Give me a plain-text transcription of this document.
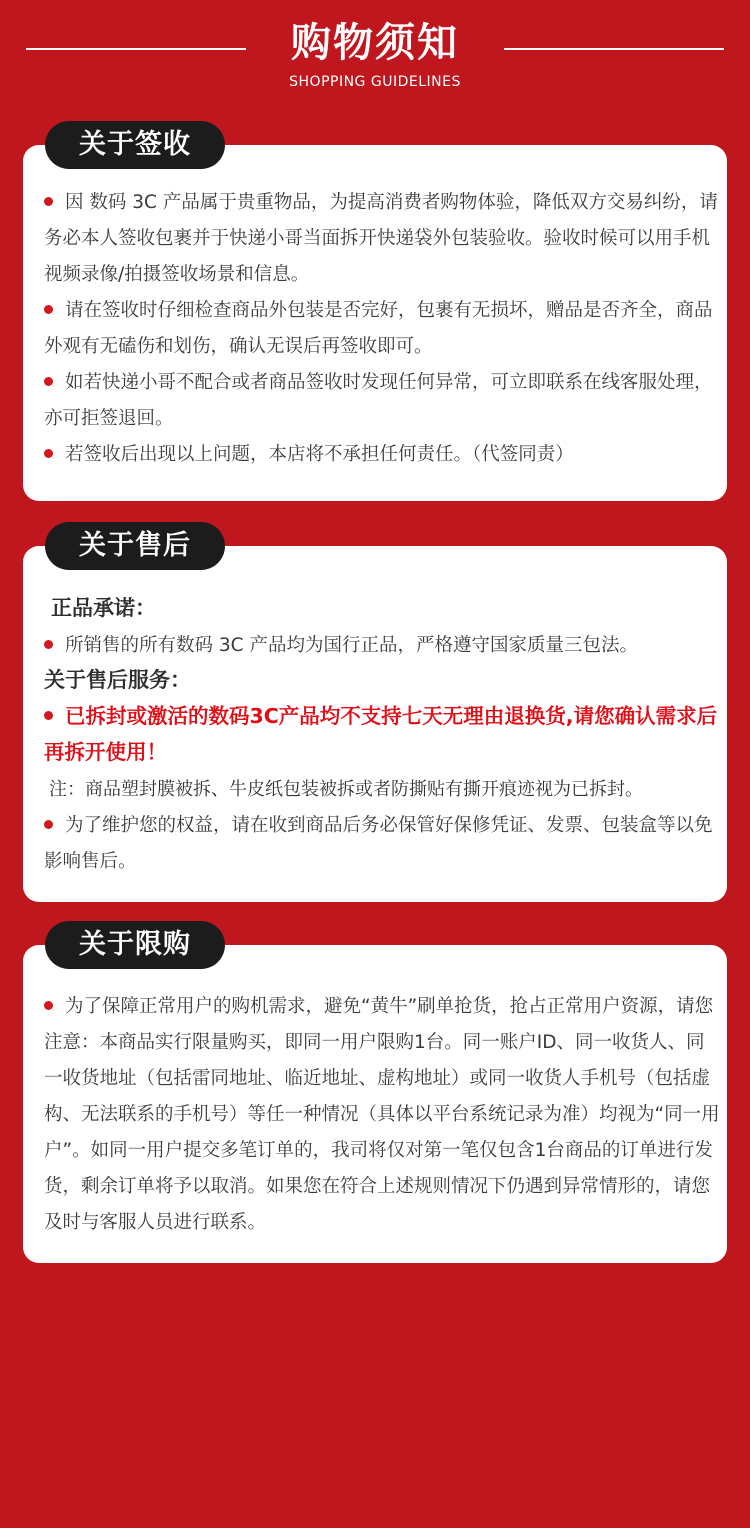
购物须知
SHOPPING GUIDELINES
因 数码 3C 产品属于贵重物品，为提高消费者购物体验，降低双方交易纠纷，请务必本人签收包裹并于快递小哥当面拆开快递袋外包装验收。验收时候可以用手机视频录像/拍摄签收场景和信息。
请在签收时仔细检查商品外包装是否完好，包裹有无损坏，赠品是否齐全，商品外观有无磕伤和划伤，确认无误后再签收即可。
如若快递小哥不配合或者商品签收时发现任何异常，可立即联系在线客服处理，亦可拒签退回。
若签收后出现以上问题，本店将不承担任何责任。（代签同责）
关于签收
正品承诺：
所销售的所有数码 3C 产品均为国行正品，严格遵守国家质量三包法。
关于售后服务：
已拆封或激活的数码3C产品均不支持七天无理由退换货,请您确认需求后再拆开使用！
注：商品塑封膜被拆、牛皮纸包装被拆或者防撕贴有撕开痕迹视为已拆封。
为了维护您的权益，请在收到商品后务必保管好保修凭证、发票、包装盒等以免影响售后。
关于售后
为了保障正常用户的购机需求，避免“黄牛”刷单抢货，抢占正常用户资源，请您注意：本商品实行限量购买，即同一用户限购1台。同一账户ID、同一收货人、同一收货地址（包括雷同地址、临近地址、虚构地址）或同一收货人手机号（包括虚构、无法联系的手机号）等任一种情况（具体以平台系统记录为准）均视为“同一用户”。如同一用户提交多笔订单的，我司将仅对第一笔仅包含1台商品的订单进行发货，剩余订单将予以取消。如果您在符合上述规则情况下仍遇到异常情形的，请您及时与客服人员进行联系。
关于限购
